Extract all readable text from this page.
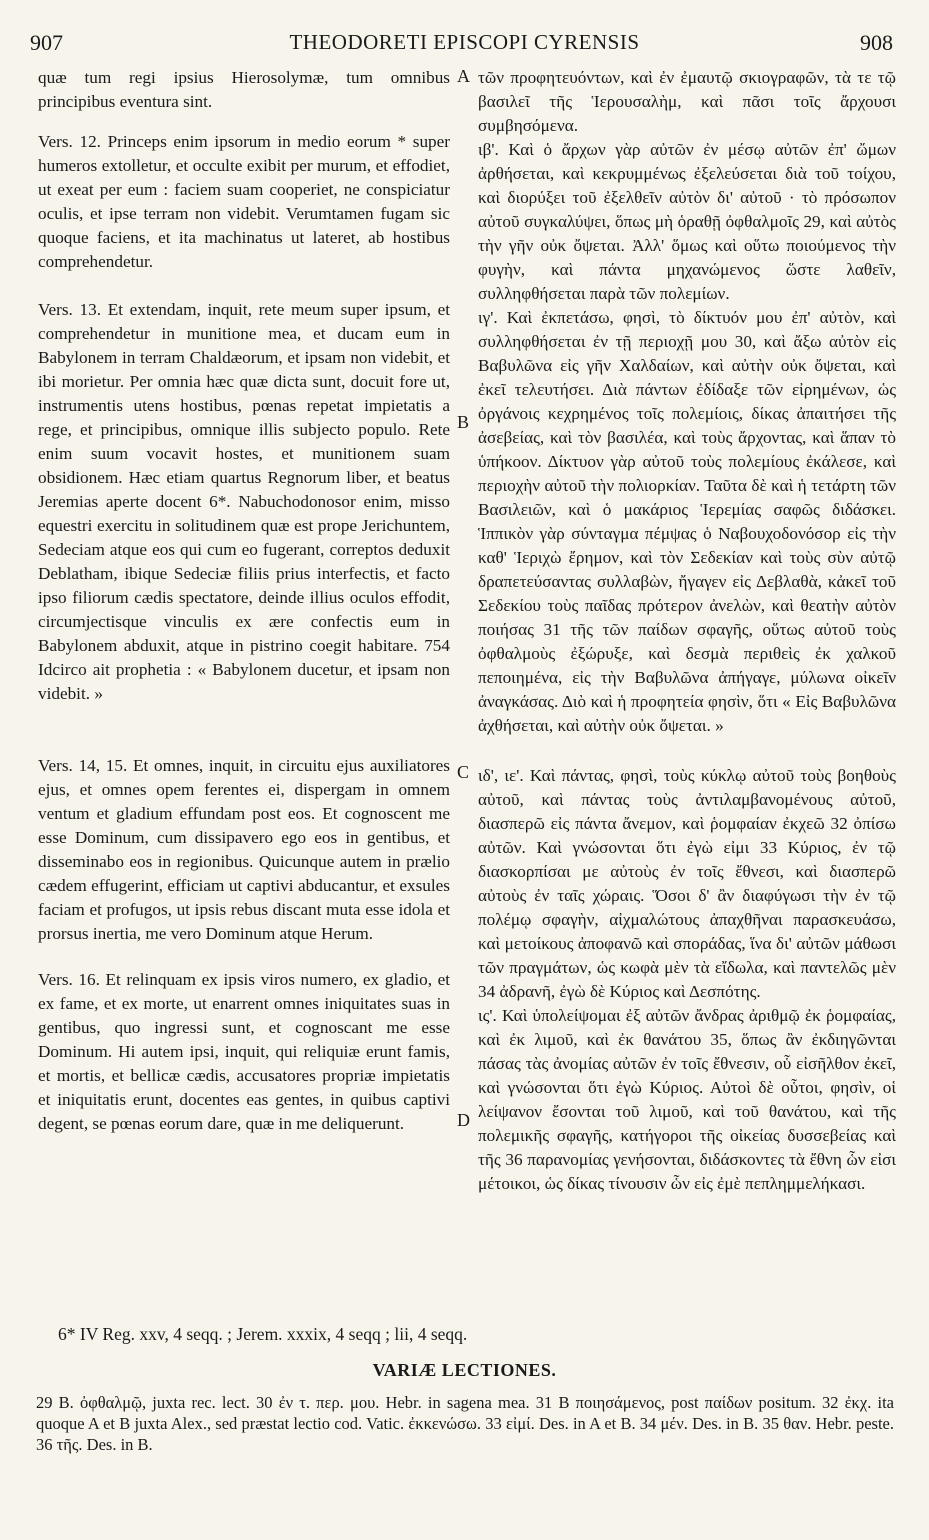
907	THEODORETI EPISCOPI CYRENSIS	908

quæ tum regi ipsius Hierosolymæ, tum omnibus principibus eventura sint.

Vers. 12. Princeps enim ipsorum in medio eorum * super humeros extolletur, et occulte exibit per murum, et effodiet, ut exeat per eum : faciem suam cooperiet, ne conspiciatur oculis, et ipse terram non videbit. Verumtamen fugam sic quoque faciens, et ita machinatus ut lateret, ab hostibus comprehendetur.

Vers. 13. Et extendam, inquit, rete meum super ipsum, et comprehendetur in munitione mea, et ducam eum in Babylonem in terram Chaldæorum, et ipsam non videbit, et ibi morietur. Per omnia hæc quæ dicta sunt, docuit fore ut, instrumentis utens hostibus, pœnas repetat impietatis a rege, et principibus, omnique illis subjecto populo. Rete enim suum vocavit hostes, et munitionem suam obsidionem. Hæc etiam quartus Regnorum liber, et beatus Jeremias aperte docent 6*. Nabuchodonosor enim, misso equestri exercitu in solitudinem quæ est prope Jerichuntem, Sedeciam atque eos qui cum eo fugerant, correptos deduxit Deblatham, ibique Sedeciæ filiis prius interfectis, et facto ipso filiorum cædis spectatore, deinde illius oculos effodit, circumjectisque vinculis ex ære confectis eum in Babylonem abduxit, atque in pistrino coegit habitare. 754 Idcirco ait prophetia : « Babylonem ducetur, et ipsam non videbit. »

Vers. 14, 15. Et omnes, inquit, in circuitu ejus auxiliatores ejus, et omnes opem ferentes ei, dispergam in omnem ventum et gladium effundam post eos. Et cognoscent me esse Dominum, cum dissipavero ego eos in gentibus, et disseminabo eos in regionibus. Quicunque autem in prælio cædem effugerint, efficiam ut captivi abducantur, et exsules faciam et profugos, ut ipsis rebus discant muta esse idola et prorsus inertia, me vero Dominum atque Herum.

Vers. 16. Et relinquam ex ipsis viros numero, ex gladio, et ex fame, et ex morte, ut enarrent omnes iniquitates suas in gentibus, quo ingressi sunt, et cognoscant me esse Dominum. Hi autem ipsi, inquit, qui reliquiæ erunt famis, et mortis, et bellicæ cædis, accusatores propriæ impietatis et iniquitatis erunt, docentes eas gentes, in quibus captivi degent, se pœnas eorum dare, quæ in me deliquerunt.

τῶν προφητευόντων, καὶ ἐν ἐμαυτῷ σκιογραφῶν, τὰ τε τῷ βασιλεῖ τῆς Ἱερουσαλὴμ, καὶ πᾶσι τοῖς ἄρχουσι συμβησόμενα.

ιβ'. Καὶ ὁ ἄρχων γὰρ αὐτῶν ἐν μέσῳ αὐτῶν ἐπ' ὤμων ἀρθήσεται, καὶ κεκρυμμένως ἐξελεύσεται διὰ τοῦ τοίχου, καὶ διορύξει τοῦ ἐξελθεῖν αὐτὸν δι' αὐτοῦ · τὸ πρόσωπον αὐτοῦ συγκαλύψει, ὅπως μὴ ὁραθῇ ὀφθαλμοῖς 29, καὶ αὐτὸς τὴν γῆν οὐκ ὄψεται. Ἀλλ' ὅμως καὶ οὕτω ποιούμενος τὴν φυγὴν, καὶ πάντα μηχανώμενος ὥστε λαθεῖν, συλληφθήσεται παρὰ τῶν πολεμίων.

ιγ'. Καὶ ἐκπετάσω, φησὶ, τὸ δίκτυόν μου ἐπ' αὐτὸν, καὶ συλληφθήσεται ἐν τῇ περιοχῇ μου 30, καὶ ἄξω αὐτὸν εἰς Βαβυλῶνα εἰς γῆν Χαλδαίων, καὶ αὐτὴν οὐκ ὄψεται, καὶ ἐκεῖ τελευτήσει. Διὰ πάντων ἐδίδαξε τῶν εἰρημένων, ὡς ὀργάνοις κεχρημένος τοῖς πολεμίοις, δίκας ἀπαιτήσει τῆς ἀσεβείας, καὶ τὸν βασιλέα, καὶ τοὺς ἄρχοντας, καὶ ἅπαν τὸ ὑπήκοον. Δίκτυον γὰρ αὐτοῦ τοὺς πολεμίους ἐκάλεσε, καὶ περιοχὴν αὐτοῦ τὴν πολιορκίαν. Ταῦτα δὲ καὶ ἡ τετάρτη τῶν Βασιλειῶν, καὶ ὁ μακάριος Ἱερεμίας σαφῶς διδάσκει. Ἱππικὸν γὰρ σύνταγμα πέμψας ὁ Ναβουχοδονόσορ εἰς τὴν καθ' Ἱεριχὼ ἔρημον, καὶ τὸν Σεδεκίαν καὶ τοὺς σὺν αὐτῷ δραπετεύσαντας συλλαβὼν, ἤγαγεν εἰς Δεβλαθὰ, κἀκεῖ τοῦ Σεδεκίου τοὺς παῖδας πρότερον ἀνελὼν, καὶ θεατὴν αὐτὸν ποιήσας 31 τῆς τῶν παίδων σφαγῆς, οὕτως αὐτοῦ τοὺς ὀφθαλμοὺς ἐξώρυξε, καὶ δεσμὰ περιθεὶς ἐκ χαλκοῦ πεποιημένα, εἰς τὴν Βαβυλῶνα ἀπήγαγε, μύλωνα οἰκεῖν ἀναγκάσας. Διὸ καὶ ἡ προφητεία φησὶν, ὅτι « Εἰς Βαβυλῶνα ἀχθήσεται, καὶ αὐτὴν οὐκ ὄψεται. »

ιδ', ιε'. Καὶ πάντας, φησὶ, τοὺς κύκλῳ αὐτοῦ τοὺς βοηθοὺς αὐτοῦ, καὶ πάντας τοὺς ἀντιλαμβανομένους αὐτοῦ, διασπερῶ εἰς πάντα ἄνεμον, καὶ ῥομφαίαν ἐκχεῶ 32 ὀπίσω αὐτῶν. Καὶ γνώσονται ὅτι ἐγὼ εἰμι 33 Κύριος, ἐν τῷ διασκορπίσαι με αὐτοὺς ἐν τοῖς ἔθνεσι, καὶ διασπερῶ αὐτοὺς ἐν ταῖς χώραις. Ὅσοι δ' ἂν διαφύγωσι τὴν ἐν τῷ πολέμῳ σφαγὴν, αἰχμαλώτους ἀπαχθῆναι παρασκευάσω, καὶ μετοίκους ἀποφανῶ καὶ σποράδας, ἵνα δι' αὐτῶν μάθωσι τῶν πραγμάτων, ὡς κωφὰ μὲν τὰ εἴδωλα, καὶ παντελῶς μὲν 34 ἀδρανῆ, ἐγὼ δὲ Κύριος καὶ Δεσπότης.

ις'. Καὶ ὑπολείψομαι ἐξ αὐτῶν ἄνδρας ἀριθμῷ ἐκ ῥομφαίας, καὶ ἐκ λιμοῦ, καὶ ἐκ θανάτου 35, ὅπως ἂν ἐκδιηγῶνται πάσας τὰς ἀνομίας αὐτῶν ἐν τοῖς ἔθνεσιν, οὗ εἰσῆλθον ἐκεῖ, καὶ γνώσονται ὅτι ἐγὼ Κύριος. Αὐτοὶ δὲ οὗτοι, φησὶν, οἱ λείψανον ἔσονται τοῦ λιμοῦ, καὶ τοῦ θανάτου, καὶ τῆς πολεμικῆς σφαγῆς, κατήγοροι τῆς οἰκείας δυσσεβείας καὶ τῆς 36 παρανομίας γενήσονται, διδάσκοντες τὰ ἔθνη ὧν εἰσι μέτοικοι, ὡς δίκας τίνουσιν ὧν εἰς ἐμὲ πεπλημμελήκασι.

A
B
C
D
6* IV Reg. xxv, 4 seqq. ; Jerem. xxxix, 4 seqq ; lii, 4 seqq.
VARIÆ LECTIONES.
29 B. ὀφθαλμῷ, juxta rec. lect. 30 ἐν τ. περ. μου. Hebr. in sagena mea. 31 B ποιησάμενος, post παίδων positum. 32 ἐκχ. ita quoque A et B juxta Alex., sed præstat lectio cod. Vatic. ἐκκενώσω. 33 εἰμί. Des. in A et B. 34 μέν. Des. in B. 35 θαν. Hebr. peste. 36 τῆς. Des. in B.
